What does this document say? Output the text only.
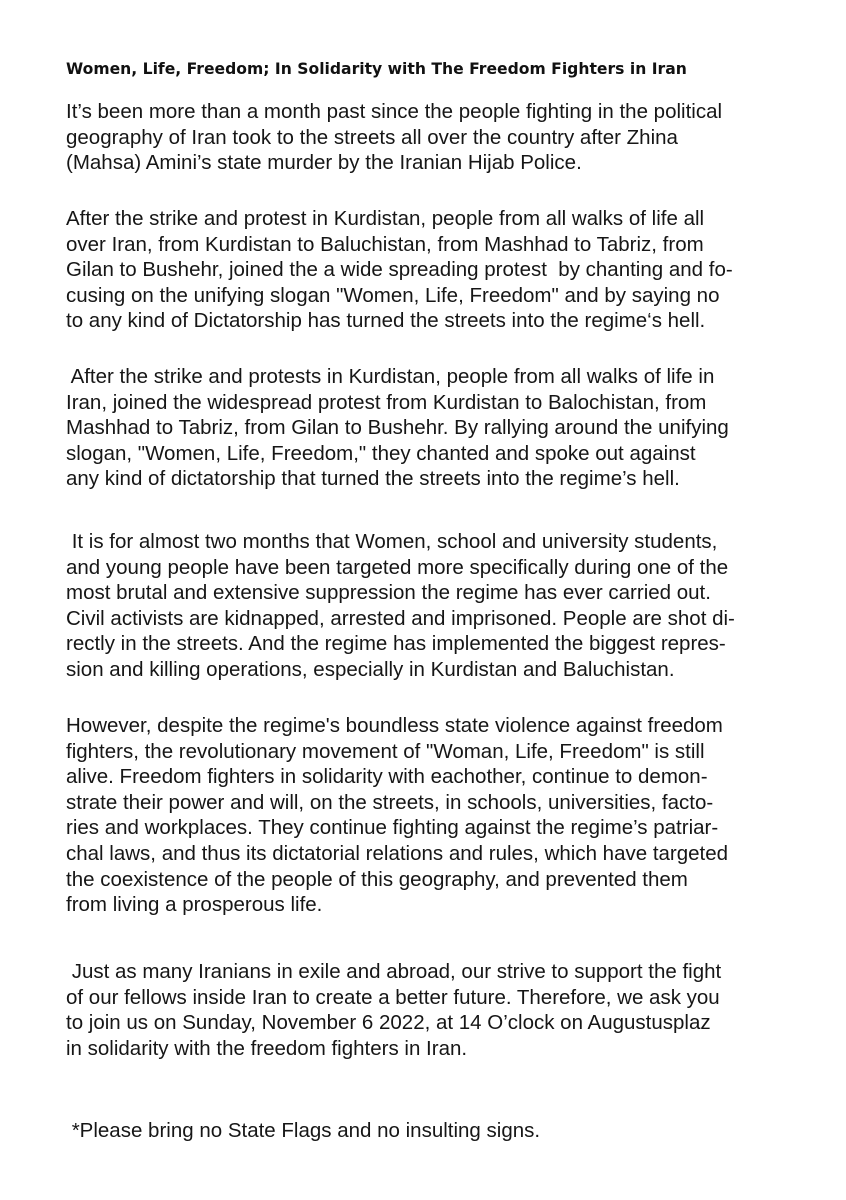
Women, Life, Freedom; In Solidarity with The Freedom Fighters in Iran
It’s been more than a month past since the people fighting in the political
geography of Iran took to the streets all over the country after Zhina
(Mahsa) Amini’s state murder by the Iranian Hijab Police.
After the strike and protest in Kurdistan, people from all walks of life all
over Iran, from Kurdistan to Baluchistan, from Mashhad to Tabriz, from
Gilan to Bushehr, joined the a wide spreading protest  by chanting and fo-
cusing on the unifying slogan "Women, Life, Freedom" and by saying no
to any kind of Dictatorship has turned the streets into the regime‘s hell.
After the strike and protests in Kurdistan, people from all walks of life in
Iran, joined the widespread protest from Kurdistan to Balochistan, from
Mashhad to Tabriz, from Gilan to Bushehr. By rallying around the unifying
slogan, "Women, Life, Freedom," they chanted and spoke out against
any kind of dictatorship that turned the streets into the regime’s hell.
It is for almost two months that Women, school and university students,
and young people have been targeted more specifically during one of the
most brutal and extensive suppression the regime has ever carried out.
Civil activists are kidnapped, arrested and imprisoned. People are shot di-
rectly in the streets. And the regime has implemented the biggest repres-
sion and killing operations, especially in Kurdistan and Baluchistan.
However, despite the regime's boundless state violence against freedom
fighters, the revolutionary movement of "Woman, Life, Freedom" is still
alive. Freedom fighters in solidarity with eachother, continue to demon-
strate their power and will, on the streets, in schools, universities, facto-
ries and workplaces. They continue fighting against the regime’s patriar-
chal laws, and thus its dictatorial relations and rules, which have targeted
the coexistence of the people of this geography, and prevented them
from living a prosperous life.
Just as many Iranians in exile and abroad, our strive to support the fight
of our fellows inside Iran to create a better future. Therefore, we ask you
to join us on Sunday, November 6 2022, at 14 O’clock on Augustusplaz
in solidarity with the freedom fighters in Iran.
*Please bring no State Flags and no insulting signs.
